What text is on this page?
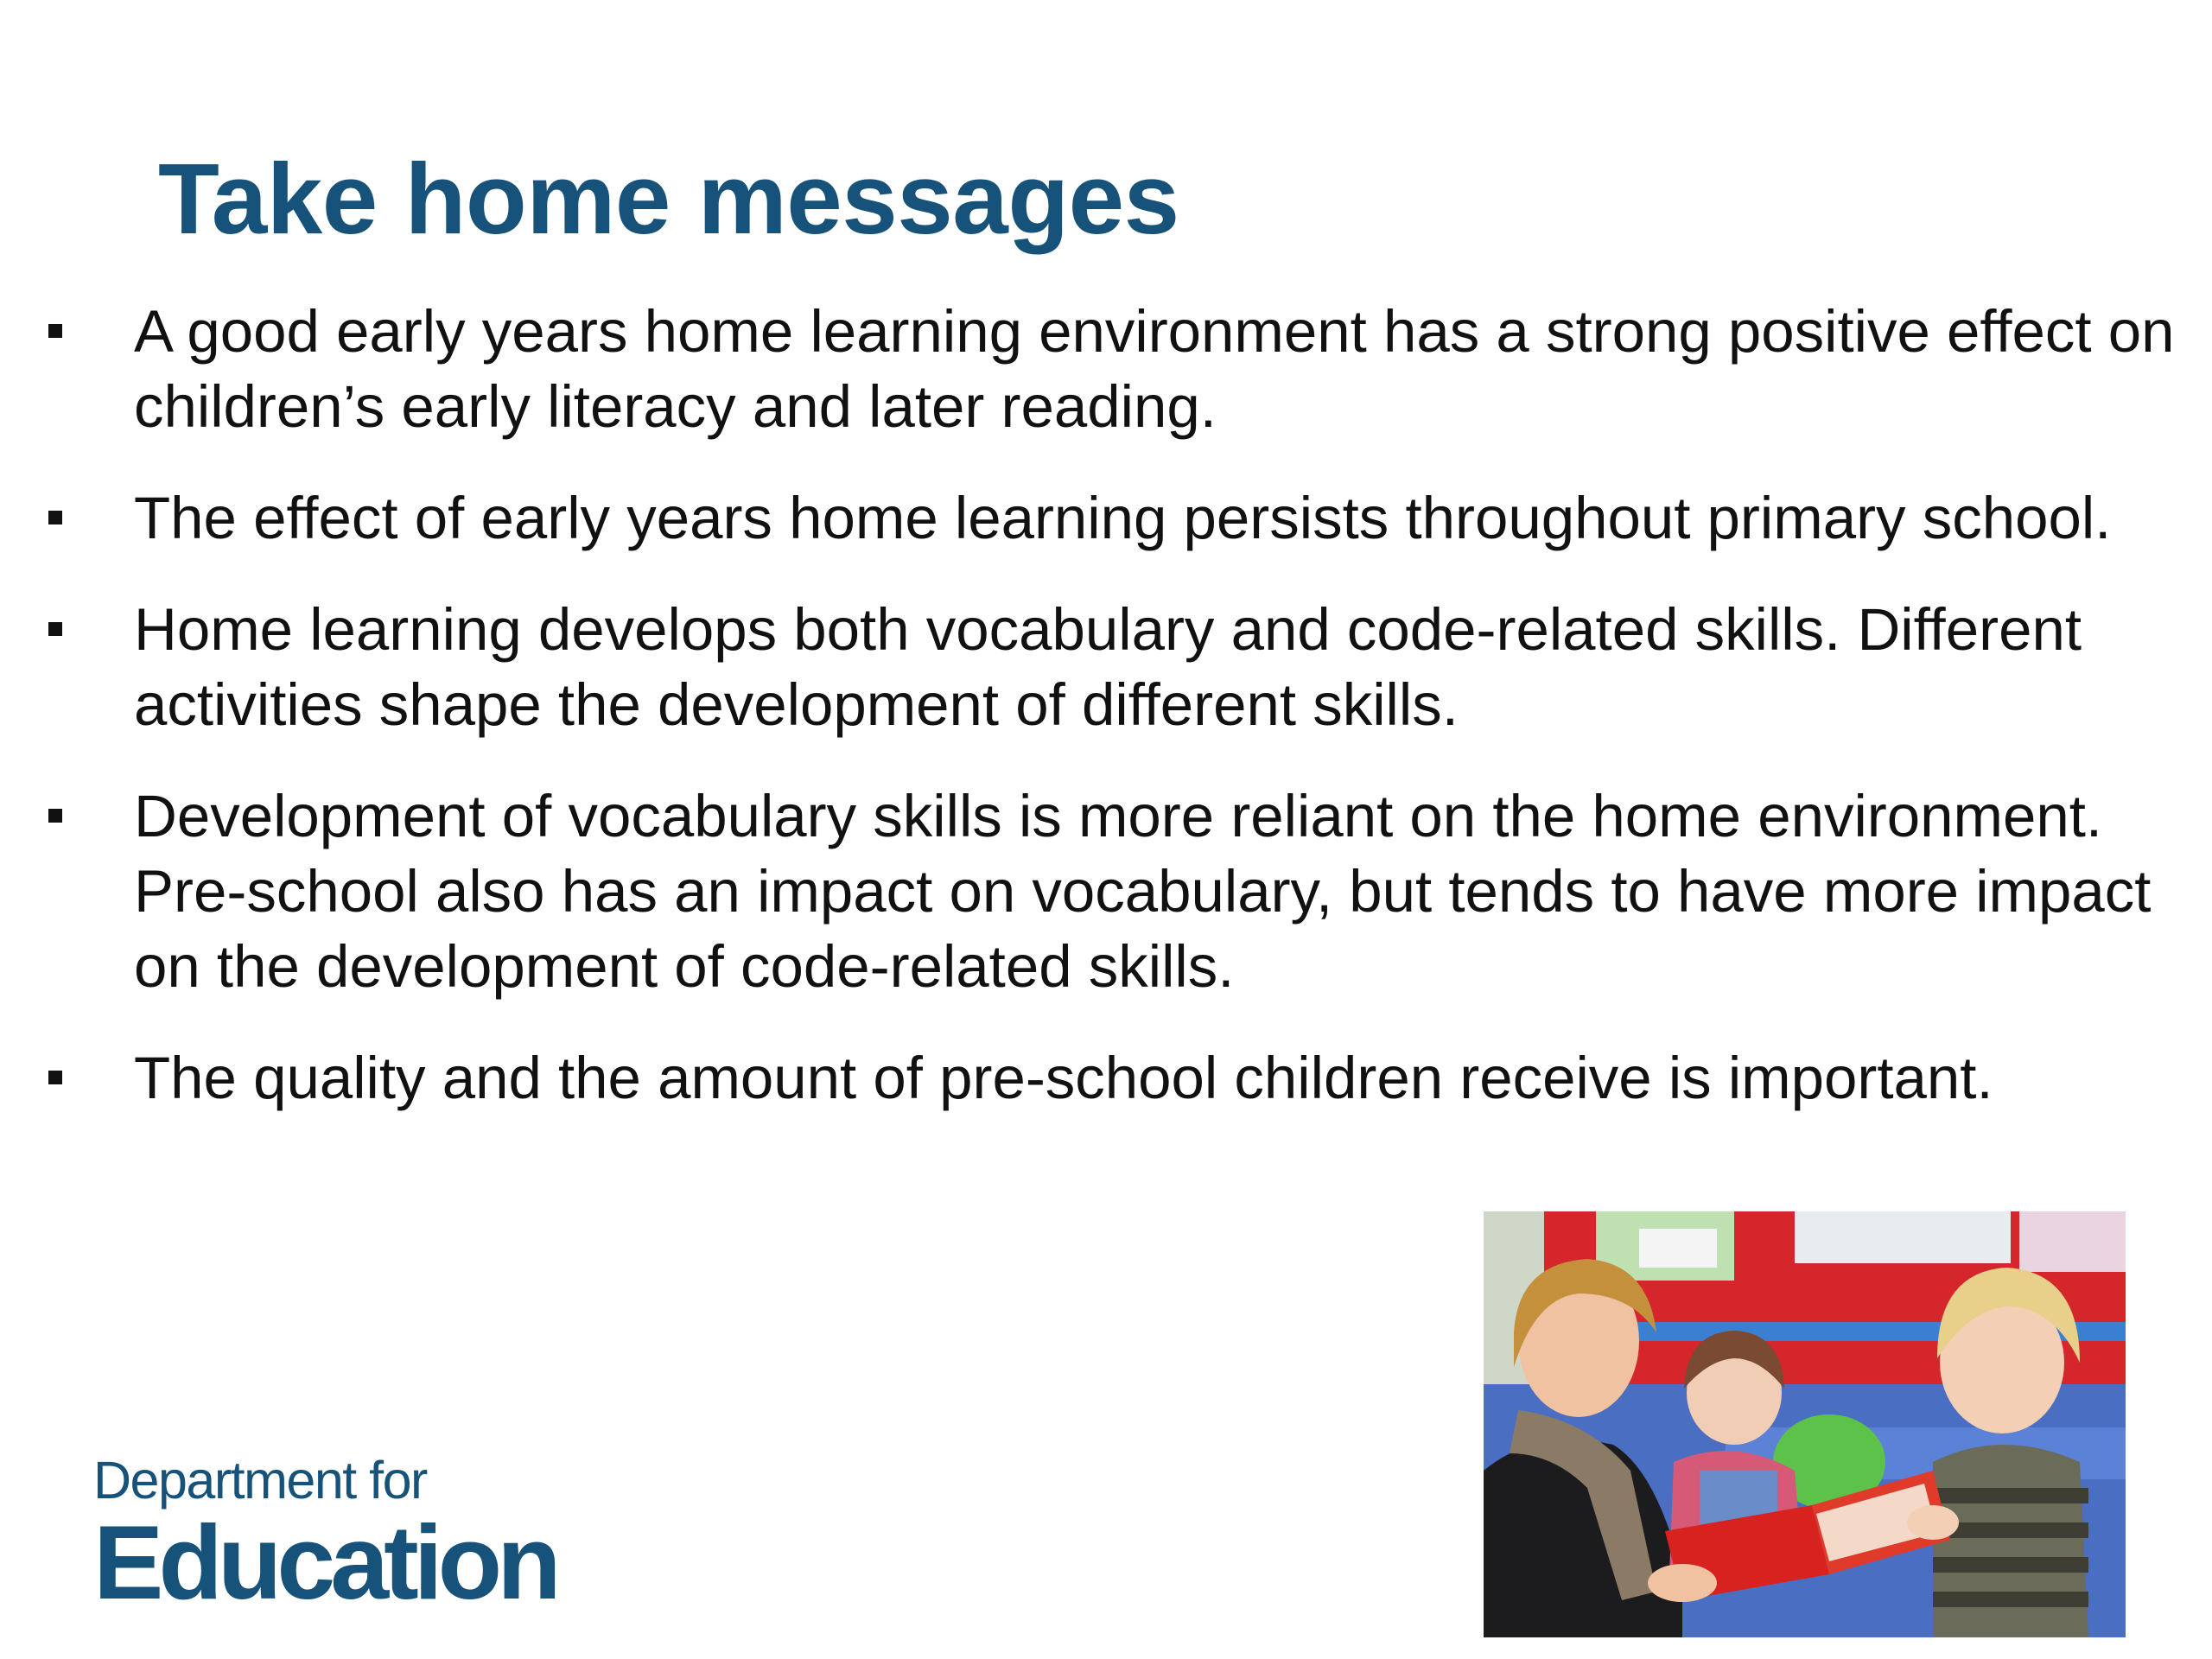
Take home messages
A good early years home learning environment has a strong positive effect on children’s early literacy and later reading.
The effect of early years home learning persists throughout primary school.
Home learning develops both vocabulary and code-related skills. Different activities shape the development of different skills.
Development of vocabulary skills is more reliant on the home environment. Pre-school also has an impact on vocabulary, but tends to have more impact on the development of code-related skills.
The quality and the amount of pre-school children receive is important.
Department for
Education
